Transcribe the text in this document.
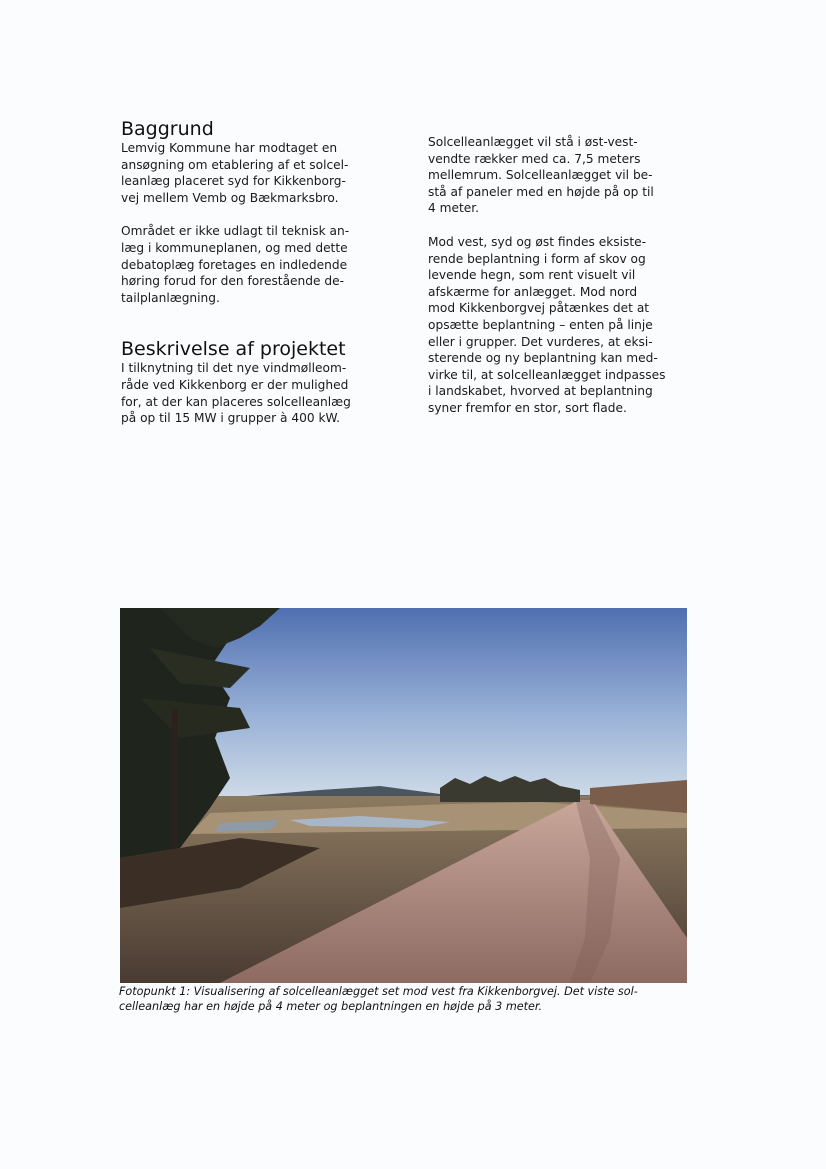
Baggrund

Lemvig Kommune har modtaget en
ansøgning om etablering af et solcel-
leanlæg placeret syd for Kikkenborg-
vej mellem Vemb og Bækmarksbro.

Området er ikke udlagt til teknisk an-
læg i kommuneplanen, og med dette
debatoplæg foretages en indledende
høring forud for den forestående de-
tailplanlægning.

Beskrivelse af projektet

I tilknytning til det nye vindmølleom-
råde ved Kikkenborg er der mulighed
for, at der kan placeres solcelleanlæg
på op til 15 MW i grupper à 400 kW.

Solcelleanlægget vil stå i øst-vest-
vendte rækker med ca. 7,5 meters
mellemrum. Solcelleanlægget vil be-
stå af paneler med en højde på op til
4 meter.

Mod vest, syd og øst findes eksiste-
rende beplantning i form af skov og
levende hegn, som rent visuelt vil
afskærme for anlægget. Mod nord
mod Kikkenborgvej påtænkes det at
opsætte beplantning – enten på linje
eller i grupper. Det vurderes, at eksi-
sterende og ny beplantning kan med-
virke til, at solcelleanlægget indpasses
i landskabet, hvorved at beplantning
syner fremfor en stor, sort flade.

Fotopunkt 1: Visualisering af solcelleanlægget set mod vest fra Kikkenborgvej. Det viste sol-
celleanlæg har en højde på 4 meter og beplantningen en højde på 3 meter.
